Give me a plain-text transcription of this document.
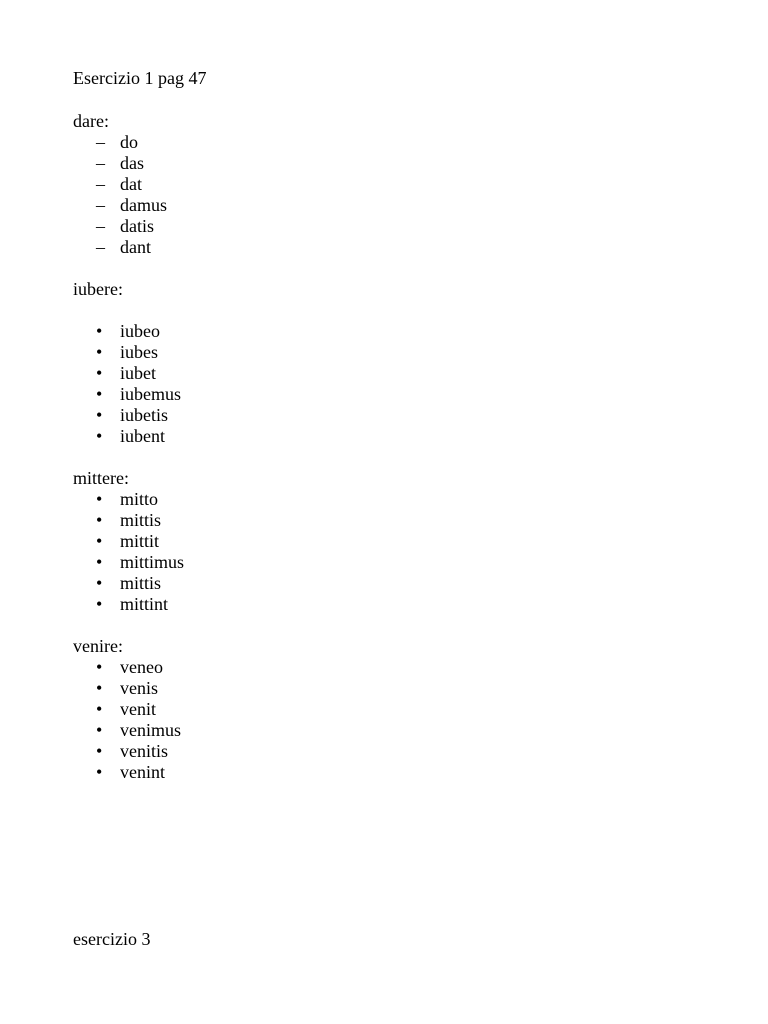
Esercizio 1 pag 47
dare:
– do
– das
– dat
– damus
– datis
– dant
iubere:
• iubeo
• iubes
• iubet
• iubemus
• iubetis
• iubent
mittere:
• mitto
• mittis
• mittit
• mittimus
• mittis
• mittint
venire:
• veneo
• venis
• venit
• venimus
• venitis
• venint
esercizio 3
